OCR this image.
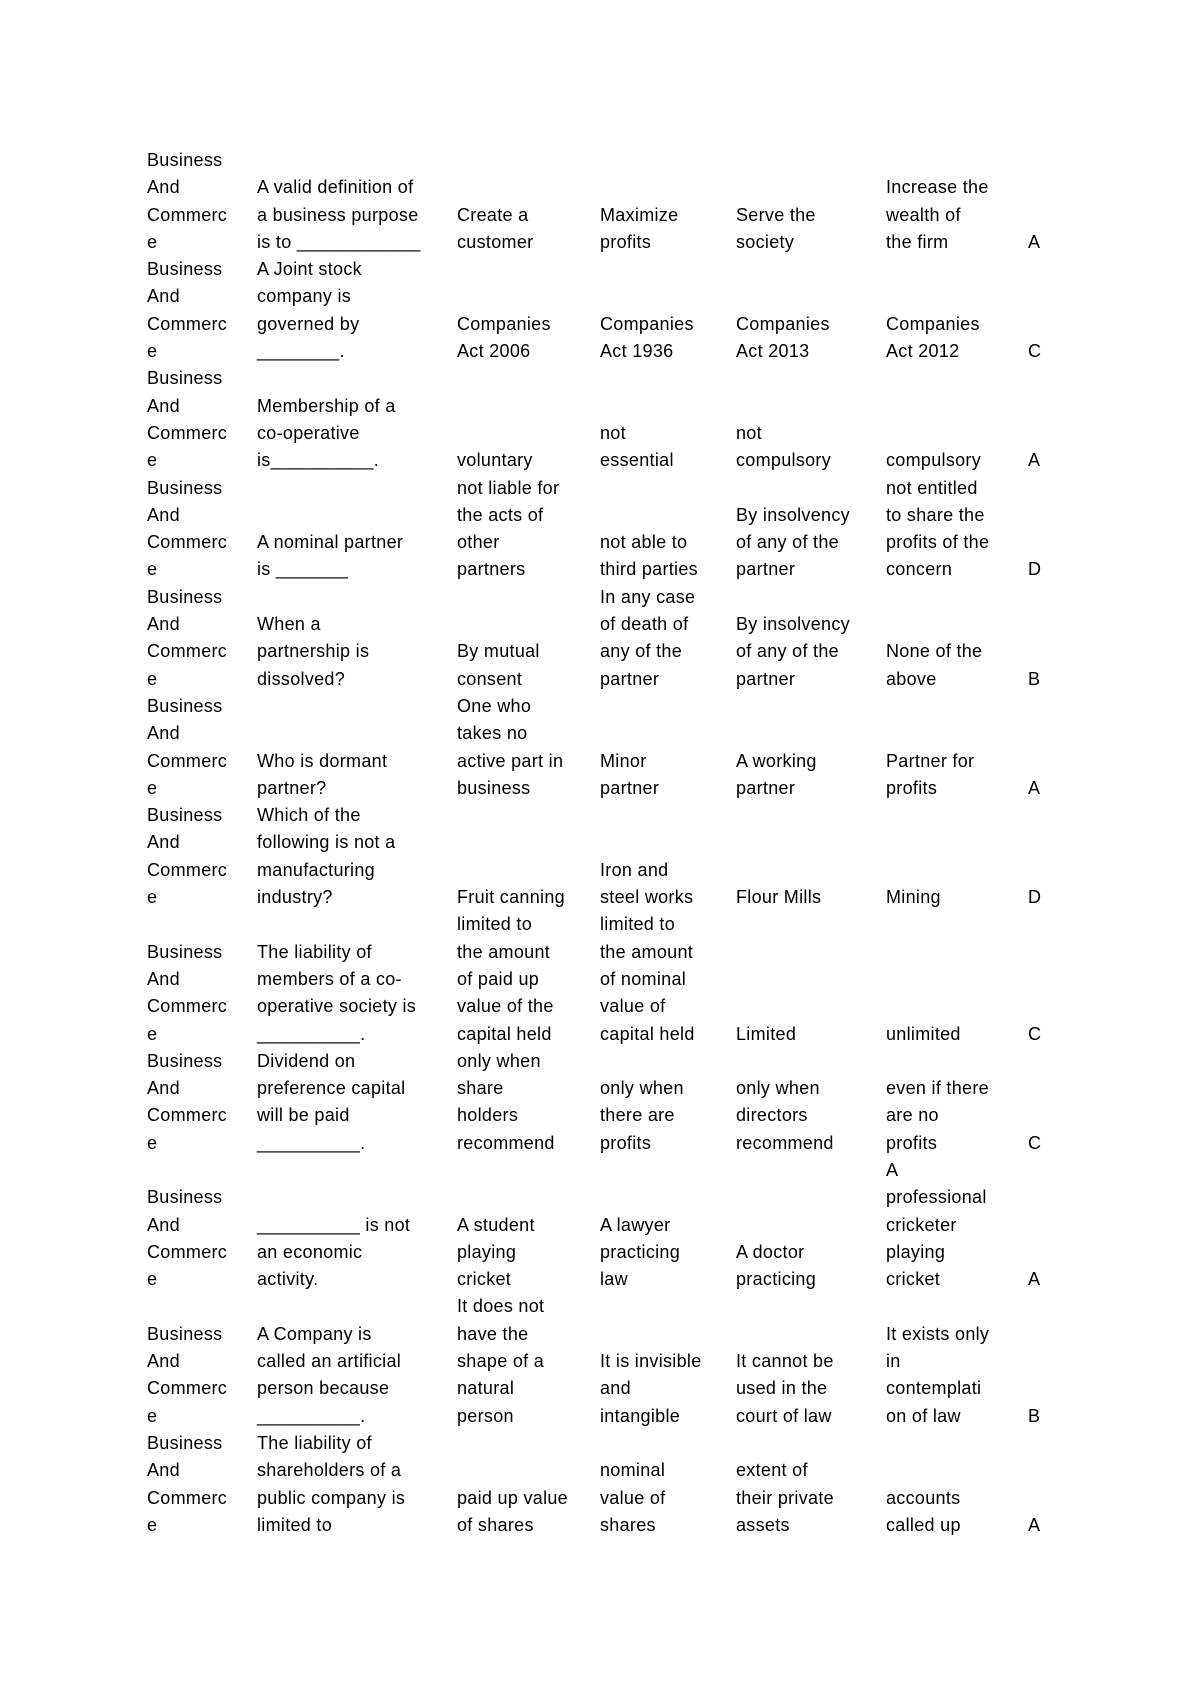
Business
And
Commerc
e	A valid definition of
a business purpose
is to ____________	Create a
customer	Maximize
profits	Serve the
society	Increase the
wealth of
the firm	A
Business
And
Commerc
e	A Joint stock
company is
governed by
________.	Companies
Act 2006	Companies
Act 1936	Companies
Act 2013	Companies
Act 2012	C
Business
And
Commerc
e	Membership of a
co-operative
is__________.	voluntary	not
essential	not
compulsory	compulsory	A
Business
And
Commerc
e	A nominal partner
is _______	not liable for
the acts of
other
partners	not able to
third parties	By insolvency
of any of the
partner	not entitled
to share the
profits of the
concern	D
Business
And
Commerc
e	When a
partnership is
dissolved?	By mutual
consent	In any case
of death of
any of the
partner	By insolvency
of any of the
partner	None of the
above	B
Business
And
Commerc
e	Who is dormant
partner?	One who
takes no
active part in
business	Minor
partner	A working
partner	Partner for
profits	A
Business
And
Commerc
e	Which of the
following is not a
manufacturing
industry?	Fruit canning	Iron and
steel works	Flour Mills	Mining	D
Business
And
Commerc
e	The liability of
members of a co-
operative society is
__________.	limited to
the amount
of paid up
value of the
capital held	limited to
the amount
of nominal
value of
capital held	Limited	unlimited	C
Business
And
Commerc
e	Dividend on
preference capital
will be paid
__________.	only when
share
holders
recommend	only when
there are
profits	only when
directors
recommend	even if there
are no
profits	C
Business
And
Commerc
e	__________ is not
an economic
activity.	A student
playing
cricket	A lawyer
practicing
law	A doctor
practicing	A
professional
cricketer
playing
cricket	A
Business
And
Commerc
e	A Company is
called an artificial
person because
__________.	It does not
have the
shape of a
natural
person	It is invisible
and
intangible	It cannot be
used in the
court of law	It exists only
in
contemplati
on of law	B
Business
And
Commerc
e	The liability of
shareholders of a
public company is
limited to	paid up value
of shares	nominal
value of
shares	extent of
their private
assets	accounts
called up	A
